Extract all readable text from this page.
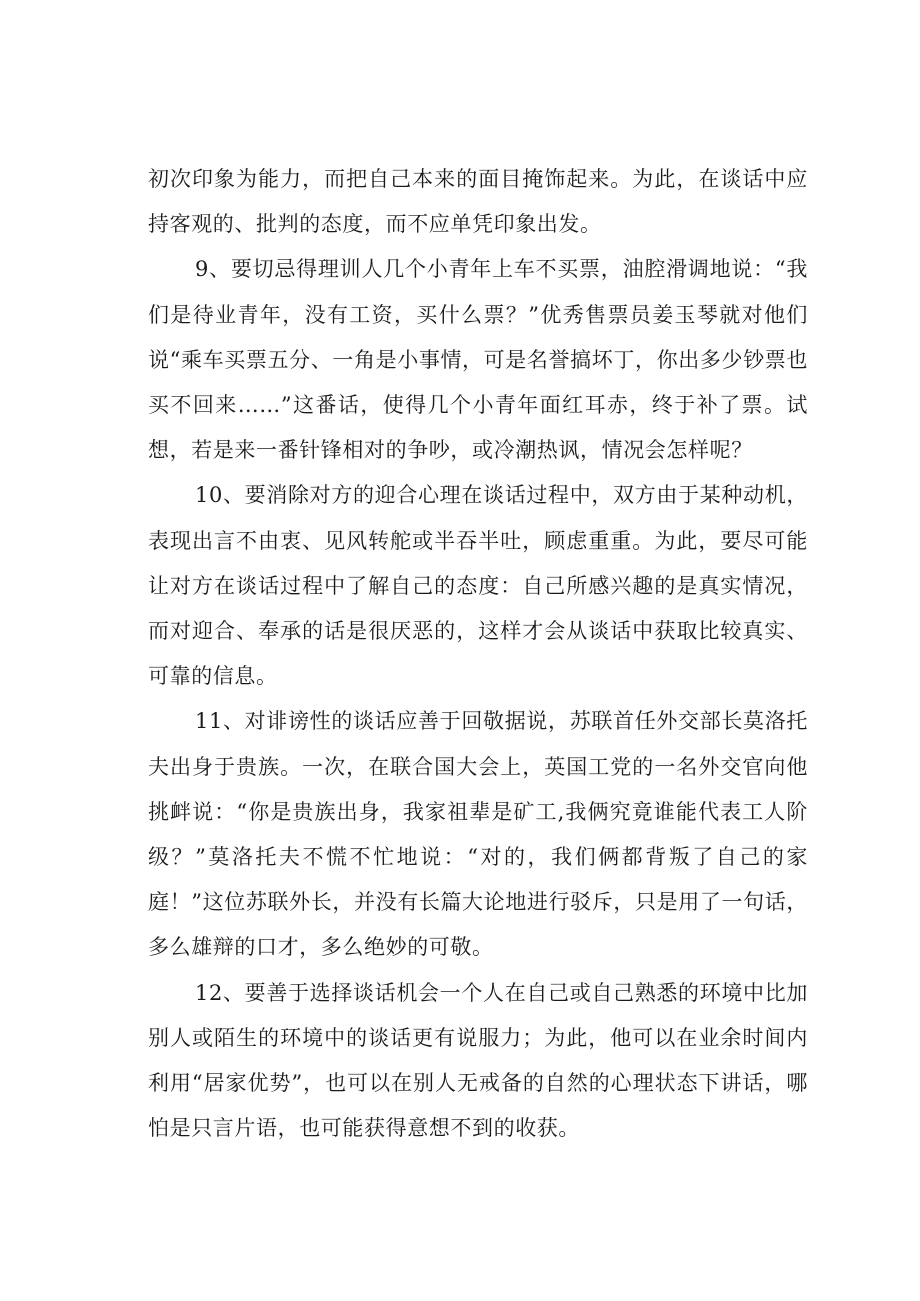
初次印象为能力，而把自己本来的面目掩饰起来。为此，在谈话中应持客观的、批判的态度，而不应单凭印象出发。

9、要切忌得理训人几个小青年上车不买票，油腔滑调地说：“我们是待业青年，没有工资，买什么票？”优秀售票员姜玉琴就对他们说“乘车买票五分、一角是小事情，可是名誉搞坏丁，你出多少钞票也买不回来……”这番话，使得几个小青年面红耳赤，终于补了票。试想，若是来一番针锋相对的争吵，或冷潮热讽，情况会怎样呢？

10、要消除对方的迎合心理在谈话过程中，双方由于某种动机，表现出言不由衷、见风转舵或半吞半吐，顾虑重重。为此，要尽可能让对方在谈话过程中了解自己的态度：自己所感兴趣的是真实情况，而对迎合、奉承的话是很厌恶的，这样才会从谈话中获取比较真实、可靠的信息。

11、对诽谤性的谈话应善于回敬据说，苏联首任外交部长莫洛托夫出身于贵族。一次，在联合国大会上，英国工党的一名外交官向他挑衅说：“你是贵族出身，我家祖辈是矿工,我俩究竟谁能代表工人阶级？”莫洛托夫不慌不忙地说：“对的，我们俩都背叛了自己的家庭！”这位苏联外长，并没有长篇大论地进行驳斥，只是用了一句话，多么雄辩的口才，多么绝妙的可敬。

12、要善于选择谈话机会一个人在自己或自己熟悉的环境中比加别人或陌生的环境中的谈话更有说服力；为此，他可以在业余时间内利用“居家优势”，也可以在别人无戒备的自然的心理状态下讲话，哪怕是只言片语，也可能获得意想不到的收获。
